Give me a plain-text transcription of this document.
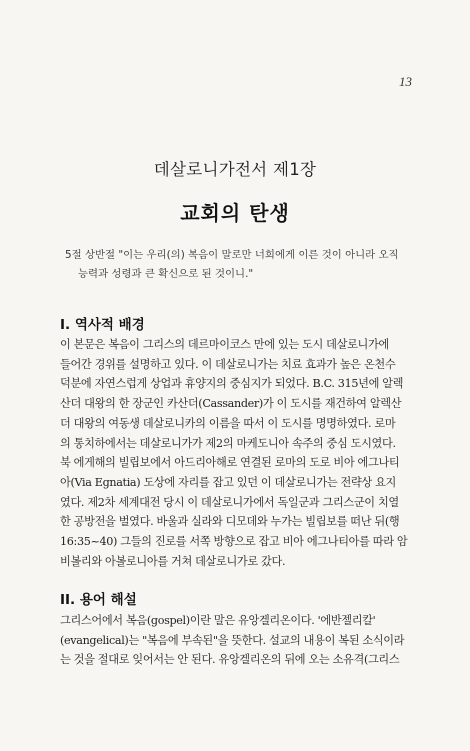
13
데살로니가전서 제1장
교회의 탄생
5절 상반절 "이는 우리(의) 복음이 말로만 너희에게 이른 것이 아니라 오직
능력과 성령과 큰 확신으로 된 것이니."
I. 역사적 배경
이 본문은 복음이 그리스의 데르마이코스 만에 있는 도시 데살로니가에
들어간 경위를 설명하고 있다. 이 데살로니가는 치료 효과가 높은 온천수
덕분에 자연스럽게 상업과 휴양지의 중심지가 되었다. B.C. 315년에 알렉
산더 대왕의 한 장군인 카산더(Cassander)가 이 도시를 재건하여 알렉산
더 대왕의 여동생 데살로니카의 이름을 따서 이 도시를 명명하였다. 로마
의 통치하에서는 데살로니가가 제2의 마케도니아 속주의 중심 도시였다.
북 에게해의 빌립보에서 아드리아해로 연결된 로마의 도로 비아 에그나티
아(Via Egnatia) 도상에 자리를 잡고 있던 이 데살로니가는 전략상 요지
였다. 제2차 세계대전 당시 이 데살로니가에서 독일군과 그리스군이 치열
한 공방전을 벌였다. 바울과 실라와 디모데와 누가는 빌립보를 떠난 뒤(행
16:35~40) 그들의 진로를 서쪽 방향으로 잡고 비아 에그나티아를 따라 암
비볼리와 아볼로니아를 거쳐 데살로니가로 갔다.
II. 용어 해설
그리스어에서 복음(gospel)이란 말은 유앙겔리온이다. '에반젤리칼'
(evangelical)는 "복음에 부속된"을 뜻한다. 설교의 내용이 복된 소식이라
는 것을 절대로 잊어서는 안 된다. 유앙겔리온의 뒤에 오는 소유격(그리스
